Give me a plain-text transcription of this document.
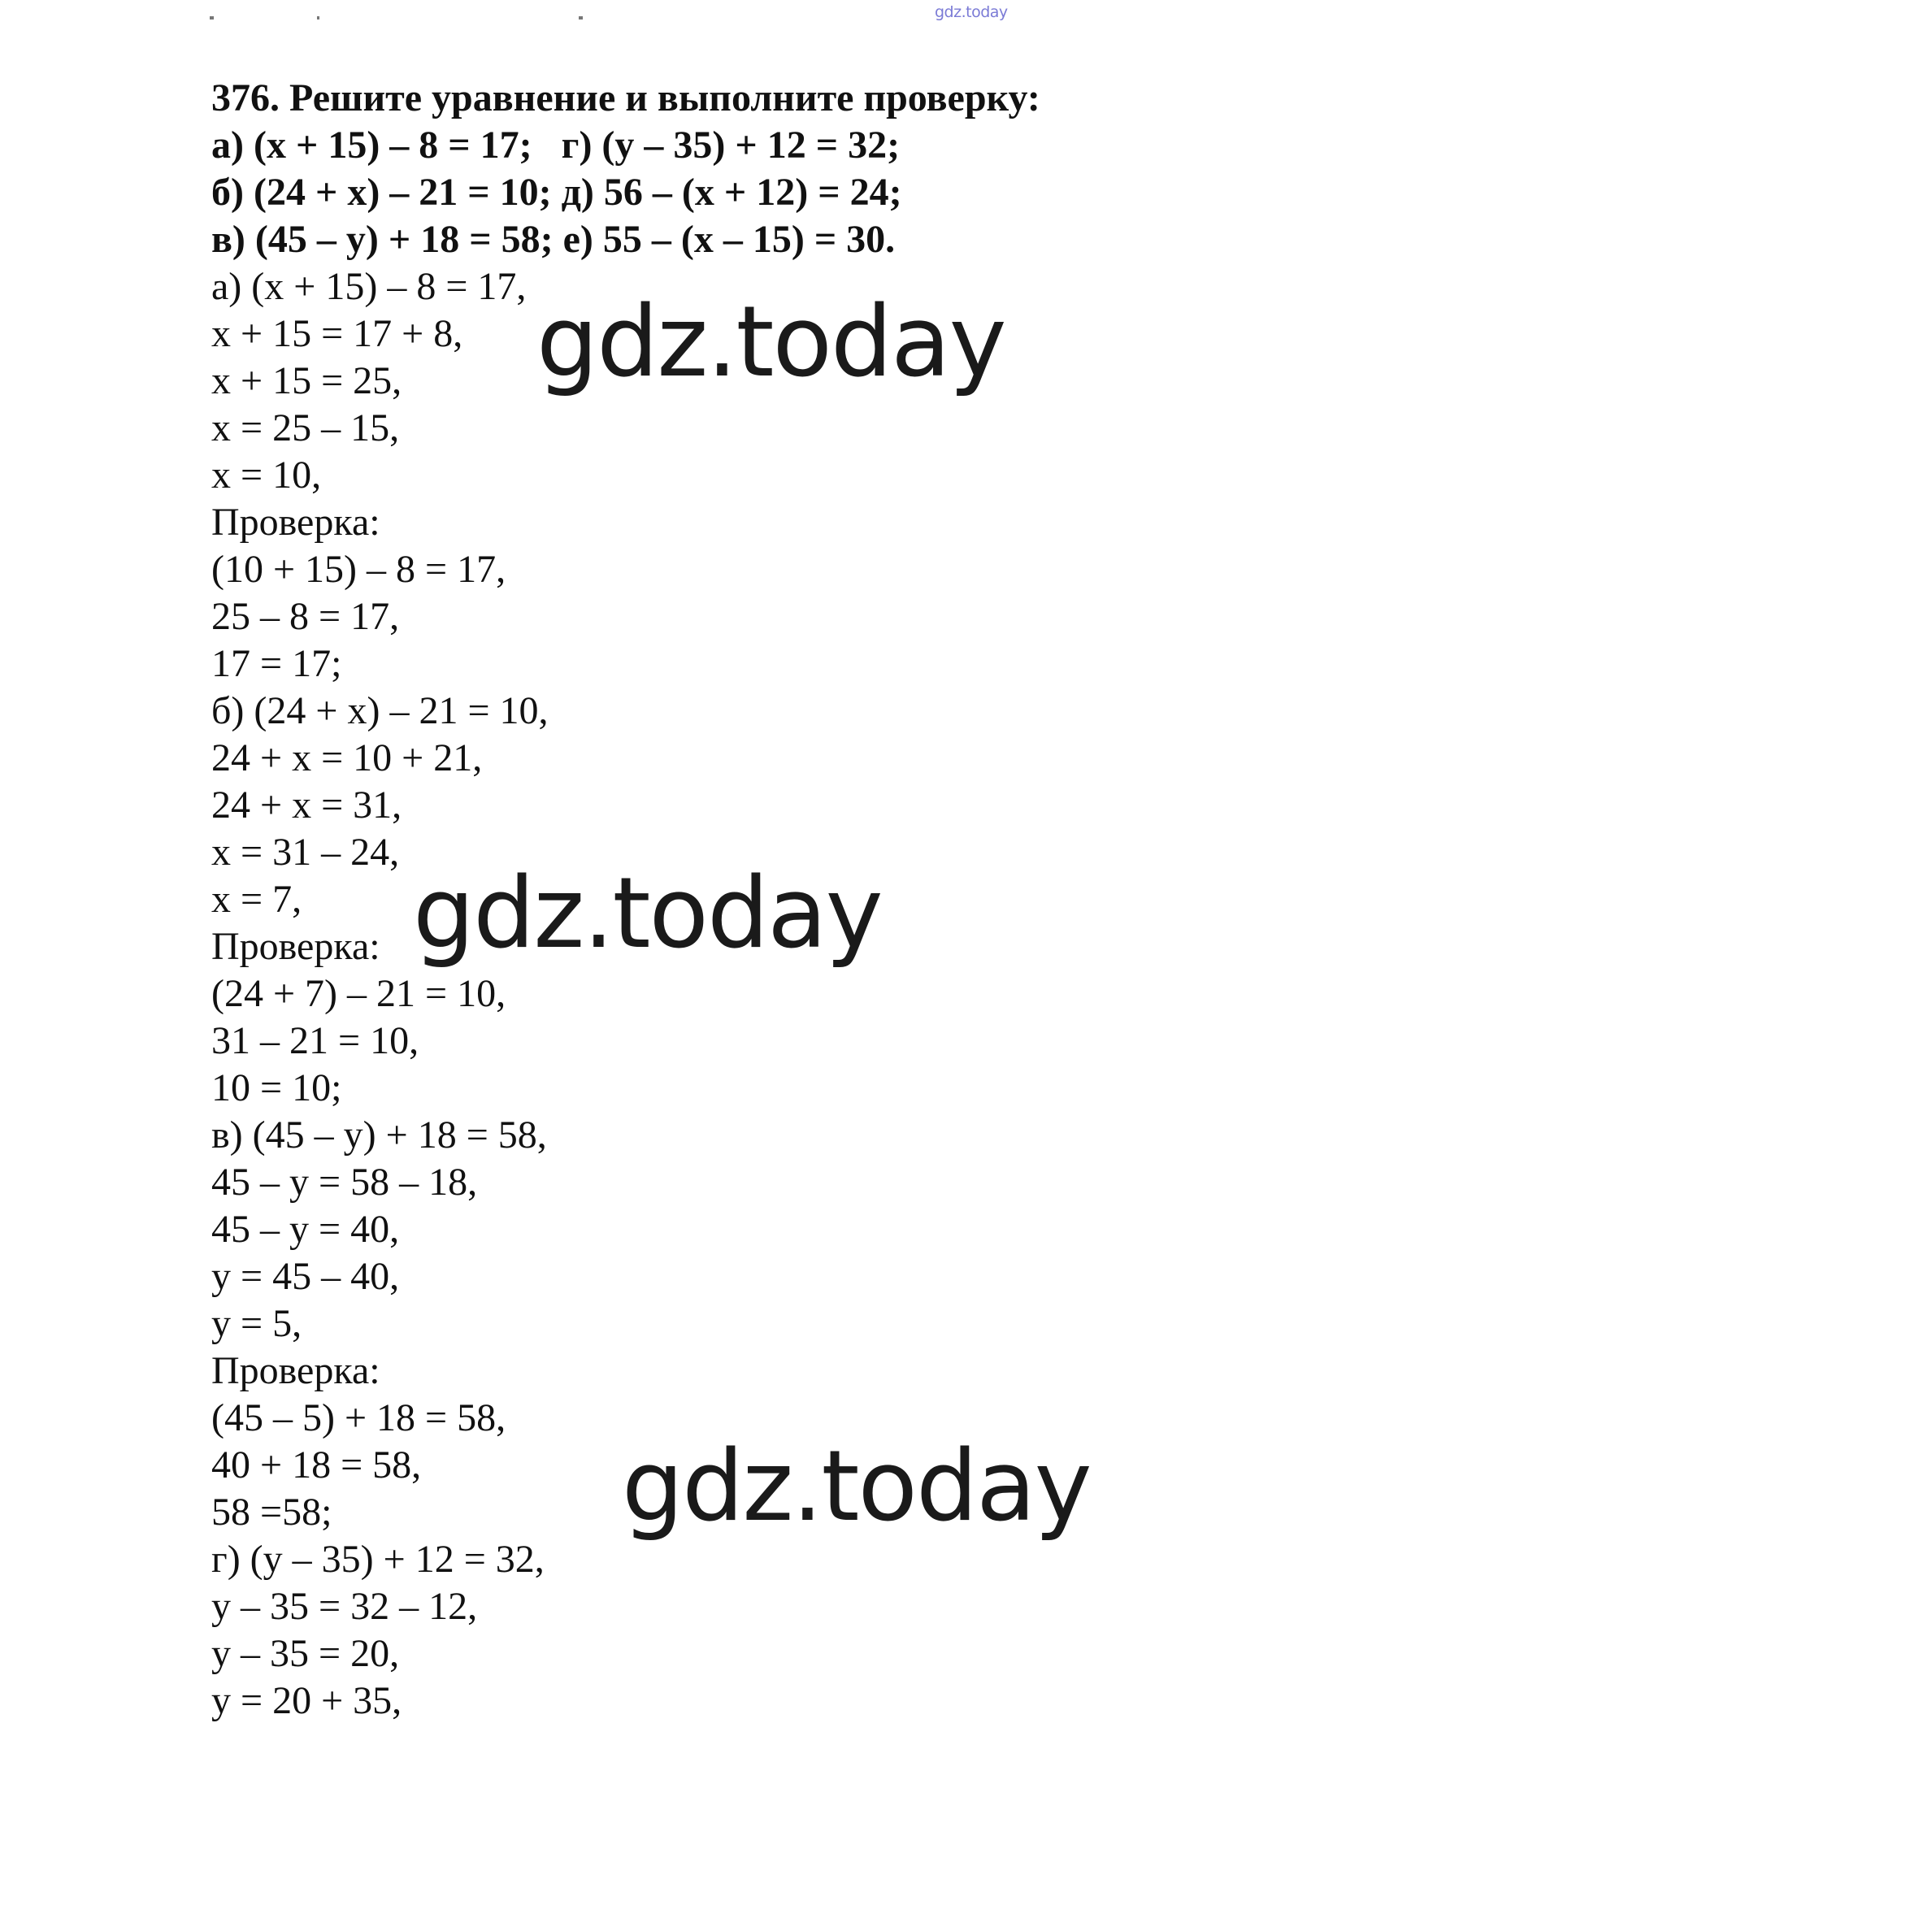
gdz.today
376. Решите уравнение и выполните проверку:
а) (x + 15) – 8 = 17;   г) (y – 35) + 12 = 32;
б) (24 + x) – 21 = 10; д) 56 – (x + 12) = 24;
в) (45 – y) + 18 = 58; е) 55 – (x – 15) = 30.
а) (x + 15) – 8 = 17,
x + 15 = 17 + 8,
x + 15 = 25,
x = 25 – 15,
x = 10,
Проверка:
(10 + 15) – 8 = 17,
25 – 8 = 17,
17 = 17;
б) (24 + x) – 21 = 10,
24 + x = 10 + 21,
24 + x = 31,
x = 31 – 24,
x = 7,
Проверка:
(24 + 7) – 21 = 10,
31 – 21 = 10,
10 = 10;
в) (45 – y) + 18 = 58,
45 – y = 58 – 18,
45 – y = 40,
y = 45 – 40,
y = 5,
Проверка:
(45 – 5) + 18 = 58,
40 + 18 = 58,
58 =58;
г) (y – 35) + 12 = 32,
y – 35 = 32 – 12,
y – 35 = 20,
y = 20 + 35,
gdz.today
gdz.today
gdz.today
